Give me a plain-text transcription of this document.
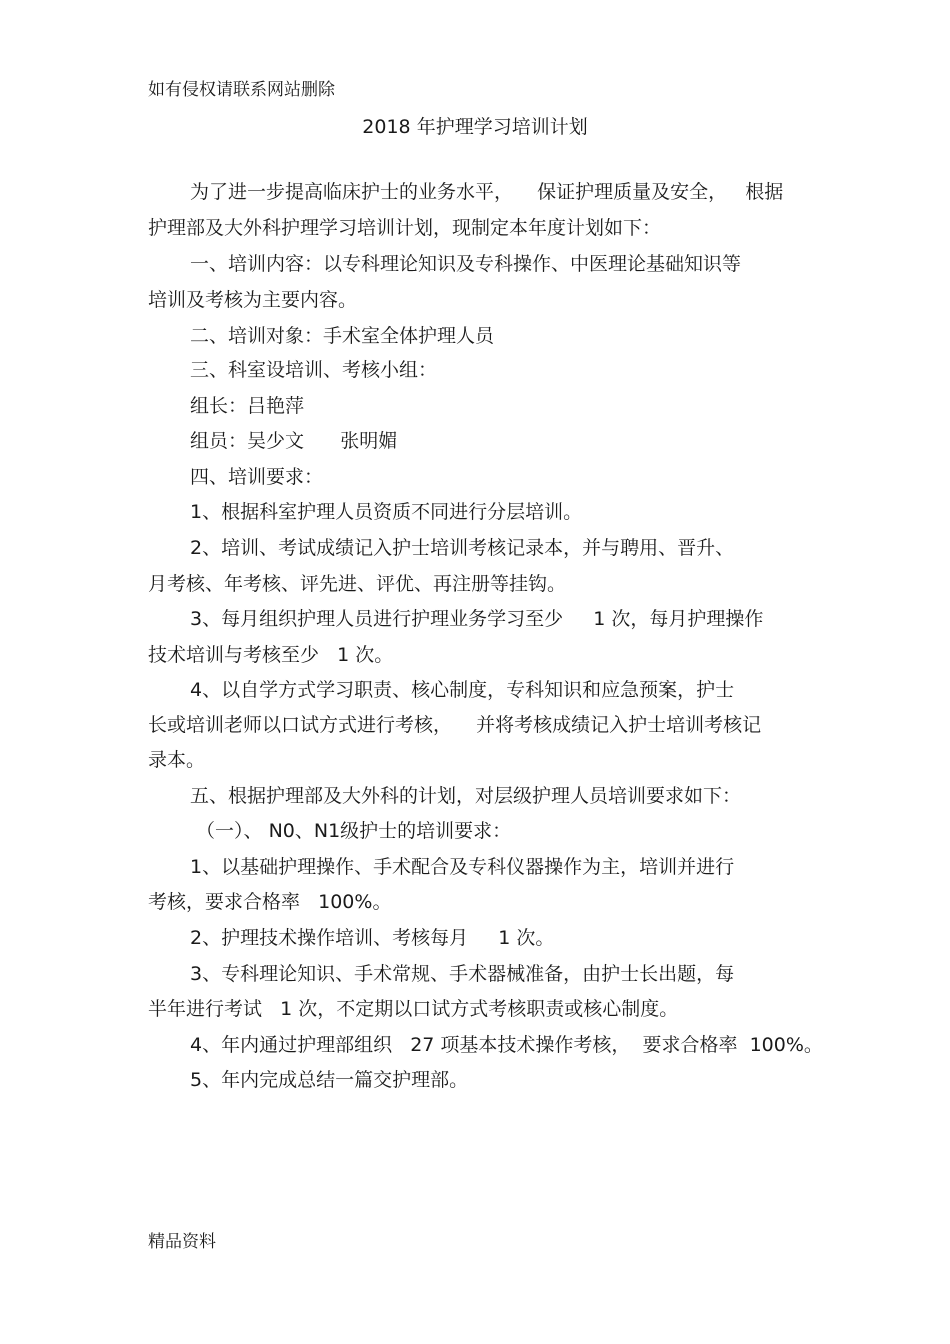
如有侵权请联系网站删除
2018 年护理学习培训计划
为了进一步提高临床护士的业务水平，    保证护理质量及安全，   根据
护理部及大外科护理学习培训计划，现制定本年度计划如下：
一、培训内容：以专科理论知识及专科操作、中医理论基础知识等
培训及考核为主要内容。
二、培训对象：手术室全体护理人员
三、科室设培训、考核小组：
组长：吕艳萍
组员：吴少文      张明媚
四、培训要求：
1、根据科室护理人员资质不同进行分层培训。
2、培训、考试成绩记入护士培训考核记录本，并与聘用、晋升、
月考核、年考核、评先进、评优、再注册等挂钩。
3、每月组织护理人员进行护理业务学习至少     1 次，每月护理操作
技术培训与考核至少   1 次。
4、以自学方式学习职责、核心制度，专科知识和应急预案，护士
长或培训老师以口试方式进行考核，    并将考核成绩记入护士培训考核记
录本。
五、根据护理部及大外科的计划，对层级护理人员培训要求如下：
（一）、 N0、N1级护士的培训要求：
1、以基础护理操作、手术配合及专科仪器操作为主，培训并进行
考核，要求合格率   100%。
2、护理技术操作培训、考核每月     1 次。
3、专科理论知识、手术常规、手术器械准备，由护士长出题，每
半年进行考试   1 次，不定期以口试方式考核职责或核心制度。
4、年内通过护理部组织   27 项基本技术操作考核，  要求合格率  100%。
5、年内完成总结一篇交护理部。
精品资料
